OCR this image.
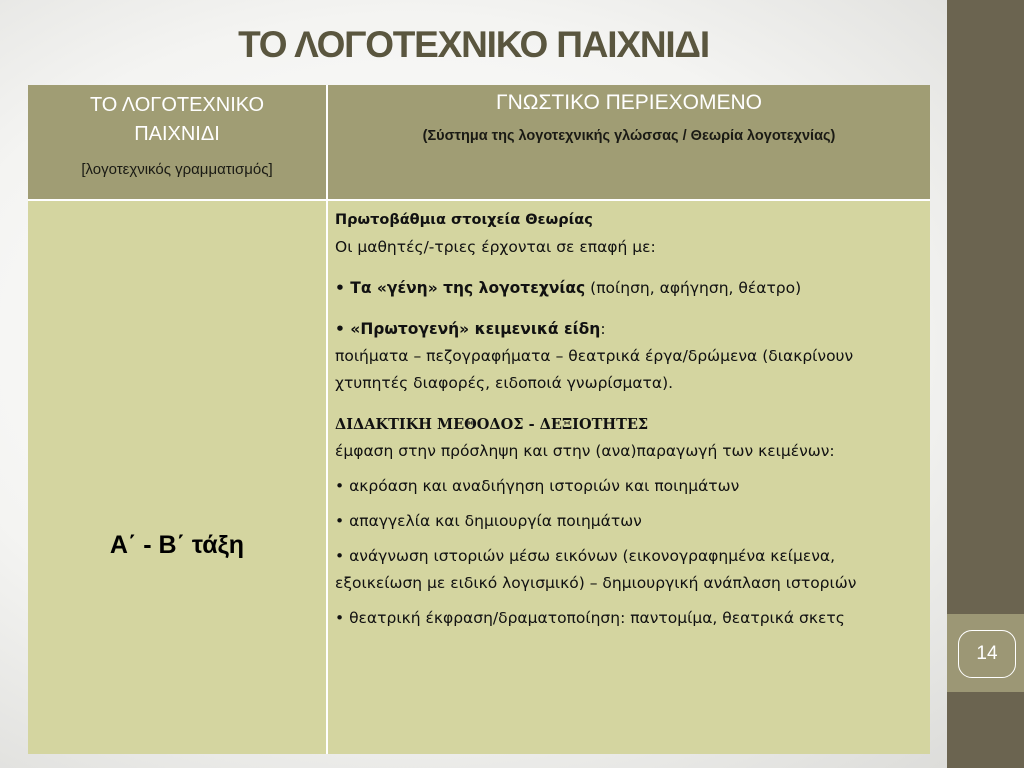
14
ΤΟ ΛΟΓΟΤΕΧΝΙΚΟ ΠΑΙΧΝΙΔΙ
ΤΟ ΛΟΓΟΤΕΧΝΙΚΟ
ΠΑΙΧΝΙΔΙ
[λογοτεχνικός γραμματισμός]
ΓΝΩΣΤΙΚΟ ΠΕΡΙΕΧΟΜΕΝΟ
(Σύστημα της λογοτεχνικής γλώσσας / Θεωρία λογοτεχνίας)
Α΄ - Β΄ τάξη

Πρωτοβάθμια στοιχεία Θεωρίας

Οι μαθητές/-τριες έρχονται σε επαφή με:

• Τα «γένη» της λογοτεχνίας (ποίηση, αφήγηση, θέατρο)

• «Πρωτογενή» κειμενικά είδη:

ποιήματα – πεζογραφήματα – θεατρικά έργα/δρώμενα (διακρίνουν χτυπητές διαφορές, ειδοποιά γνωρίσματα).

ΔΙΔΑΚΤΙΚΗ ΜΕΘΟΔΟΣ - ΔΕΞΙΟΤΗΤΕΣ

έμφαση στην πρόσληψη και στην (ανα)παραγωγή των κειμένων:

• ακρόαση και αναδιήγηση ιστοριών και ποιημάτων

• απαγγελία και δημιουργία ποιημάτων

• ανάγνωση ιστοριών μέσω εικόνων (εικονογραφημένα κείμενα, εξοικείωση με ειδικό λογισμικό) – δημιουργική ανάπλαση ιστοριών

• θεατρική έκφραση/δραματοποίηση: παντομίμα, θεατρικά σκετς
